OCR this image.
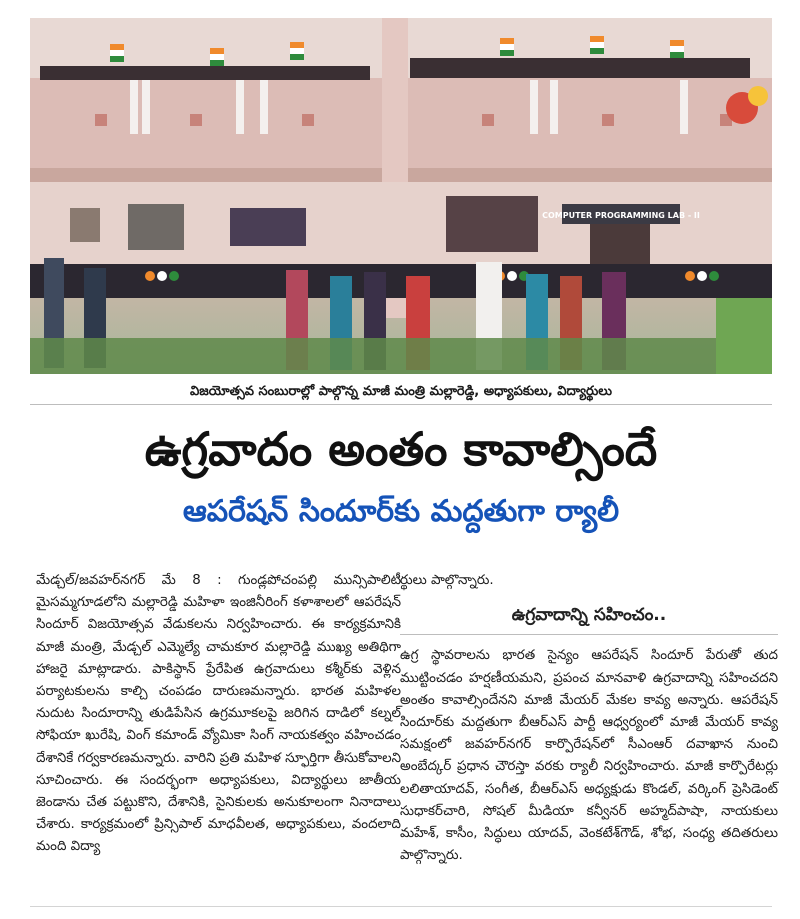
COMPUTER PROGRAMMING LAB - II
విజయోత్సవ సంబురాల్లో పాల్గొన్న మాజీ మంత్రి మల్లారెడ్డి, అధ్యాపకులు, విద్యార్థులు
ఉగ్రవాదం అంతం కావాల్సిందే
ఆపరేషన్ సిందూర్‌కు మద్దతుగా ర్యాలీ

మేడ్చల్‌/జవహర్‌నగర్‌ మే 8 : గుండ్లపోచంపల్లి మున్సిపాలిటీ మైసమ్మగూడలోని మల్లారెడ్డి మహిళా ఇంజినీరింగ్‌ కళాశాలలో ఆపరేషన్‌ సిందూర్‌ విజయోత్సవ వేడుకలను నిర్వహించారు. ఈ కార్యక్రమానికి మాజీ మంత్రి, మేడ్చల్‌ ఎమ్మెల్యే చామకూర మల్లారెడ్డి ముఖ్య అతిథిగా హాజరై మాట్లాడారు. పాకిస్థాన్‌ ప్రేరేపిత ఉగ్రవాదులు కశ్మీర్‌కు వెళ్లిన పర్యాటకులను కాల్చి చంపడం దారుణమన్నారు. భారత మహిళల నుదుట సిందూరాన్ని తుడిపేసిన ఉగ్రమూకలపై జరిగిన దాడిలో కల్నల్‌ సోఫియా ఖురేషి, వింగ్‌ కమాండ్‌ వ్యోమికా సింగ్‌ నాయకత్వం వహించడం దేశానికే గర్వకారణమన్నారు. వారిని ప్రతి మహిళ స్ఫూర్తిగా తీసుకోవాలని సూచించారు. ఈ సందర్భంగా అధ్యాపకులు, విద్యార్థులు జాతీయ జెండాను చేత పట్టుకొని, దేశానికి, సైనికులకు అనుకూలంగా నినాదాలు చేశారు. కార్యక్రమంలో ప్రిన్సిపాల్‌ మాధవీలత, అధ్యాపకులు, వందలాది మంది విద్యా

ర్థులు పాల్గొన్నారు.

ఉగ్రవాదాన్ని సహించం..

ఉగ్ర స్థావరాలను భారత సైన్యం ఆపరేషన్‌ సిందూర్‌ పేరుతో తుద ముట్టించడం హర్షణీయమని, ప్రపంచ మానవాళి ఉగ్రవాదాన్ని సహించదని అంతం కావాల్సిందేనని మాజీ మేయర్‌ మేకల కావ్య అన్నారు. ఆపరేషన్‌ సిందూర్‌కు మద్దతుగా బీఆర్‌ఎస్‌ పార్టీ ఆధ్వర్యంలో మాజీ మేయర్‌ కావ్య సమక్షంలో జవహర్‌నగర్‌ కార్పొరేషన్‌లో సీఎంఆర్‌ దవాఖాన నుంచి అంబేద్కర్‌ ప్రధాన చౌరస్తా వరకు ర్యాలీ నిర్వహించారు. మాజీ కార్పొరేటర్లు లలితాయాదవ్‌, సంగీత, బీఆర్‌ఎస్‌ అధ్యక్షుడు కొండల్‌, వర్కింగ్‌ ప్రెసిడెంట్‌ సుధాకర్‌చారి, సోషల్‌ మీడియా కన్వీనర్‌ అహ్మద్‌పాషా, నాయకులు మహేశ్‌, కాసీం, సిద్ధులు యాదవ్‌, వెంకటేశ్‌గౌడ్‌, శోభ, సంధ్య తదితరులు పాల్గొన్నారు.
